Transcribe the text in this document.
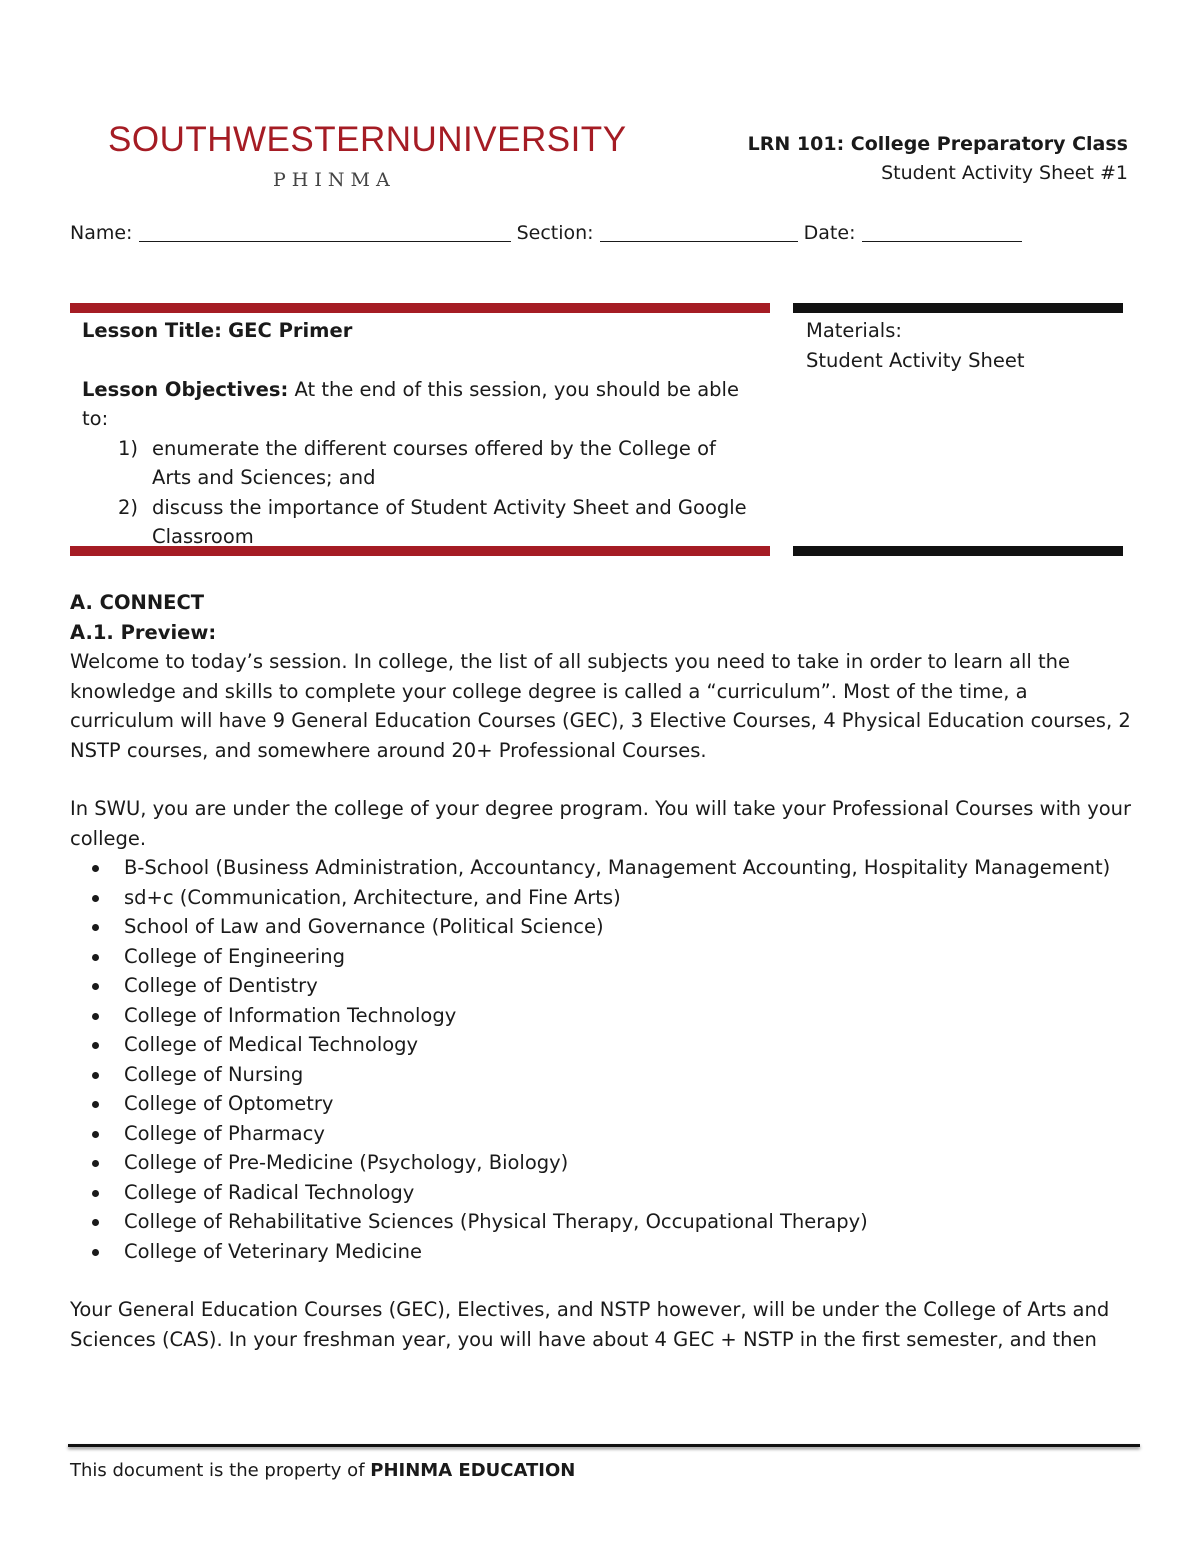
SOUTHWESTERNUNIVERSITY
PHINMA
LRN 101: College Preparatory Class
Student Activity Sheet #1
Name:	Section:	Date:
Lesson Title: GEC Primer
Lesson Objectives: At the end of this session, you should be able to:
1) enumerate the different courses offered by the College of Arts and Sciences; and
2) discuss the importance of Student Activity Sheet and Google Classroom
Materials:
Student Activity Sheet

A. CONNECT

A.1. Preview:

Welcome to today’s session. In college, the list of all subjects you need to take in order to learn all the knowledge and skills to complete your college degree is called a “curriculum”. Most of the time, a curriculum will have 9 General Education Courses (GEC), 3 Elective Courses, 4 Physical Education courses, 2 NSTP courses, and somewhere around 20+ Professional Courses.

In SWU, you are under the college of your degree program. You will take your Professional Courses with your college.

B-School (Business Administration, Accountancy, Management Accounting, Hospitality Management)
sd+c (Communication, Architecture, and Fine Arts)
School of Law and Governance (Political Science)
College of Engineering
College of Dentistry
College of Information Technology
College of Medical Technology
College of Nursing
College of Optometry
College of Pharmacy
College of Pre-Medicine (Psychology, Biology)
College of Radical Technology
College of Rehabilitative Sciences (Physical Therapy, Occupational Therapy)
College of Veterinary Medicine

Your General Education Courses (GEC), Electives, and NSTP however, will be under the College of Arts and Sciences (CAS). In your freshman year, you will have about 4 GEC + NSTP in the first semester, and then

This document is the property of PHINMA EDUCATION
